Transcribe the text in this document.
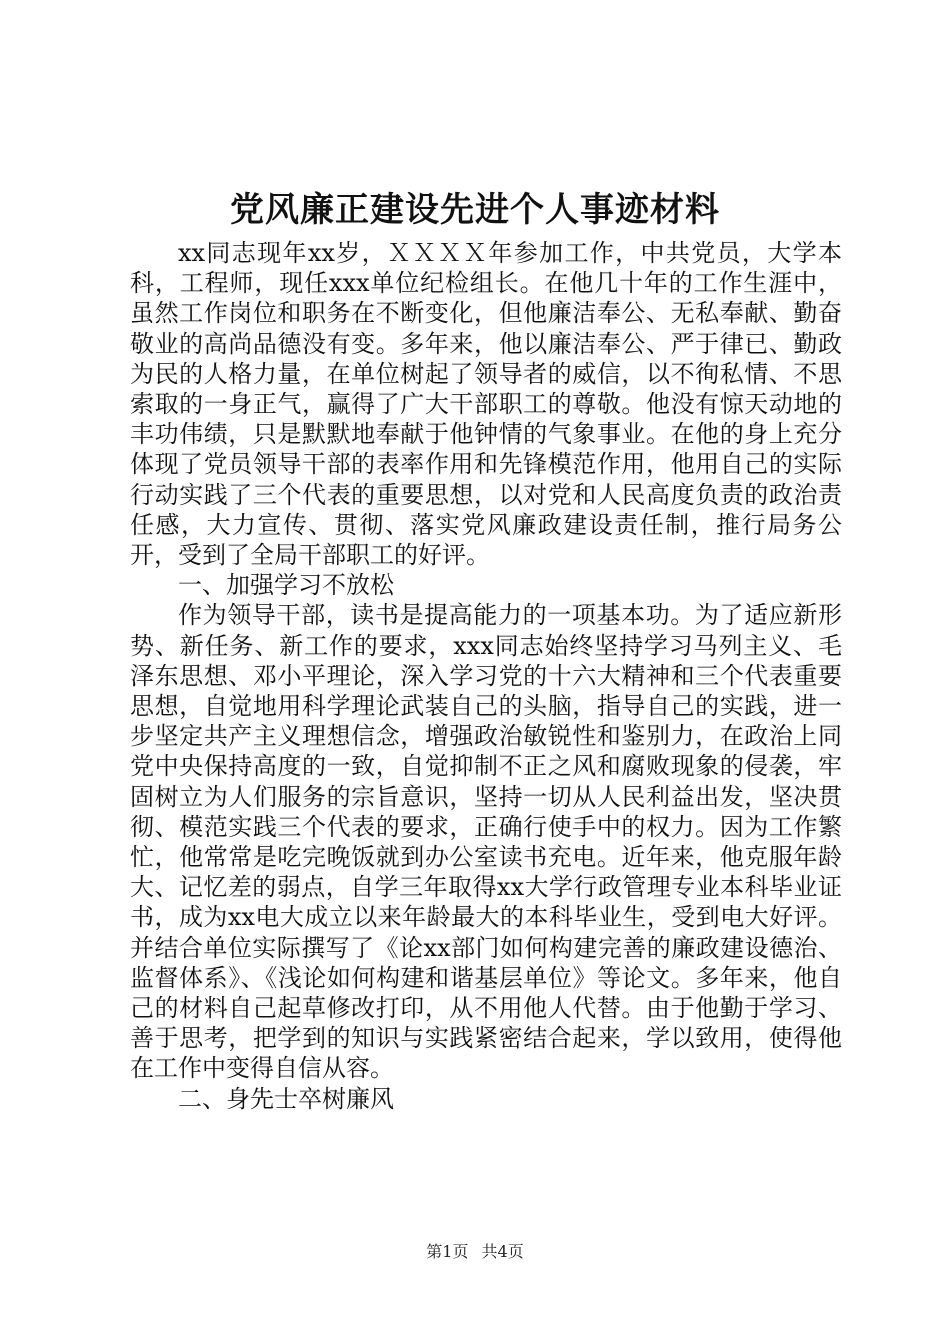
党风廉正建设先进个人事迹材料

xx同志现年xx岁，ＸＸＸＸ年参加工作，中共党员，大学本科，工程师，现任xxx单位纪检组长。在他几十年的工作生涯中，虽然工作岗位和职务在不断变化，但他廉洁奉公、无私奉献、勤奋敬业的高尚品德没有变。多年来，他以廉洁奉公、严于律已、勤政为民的人格力量，在单位树起了领导者的威信，以不徇私情、不思索取的一身正气，赢得了广大干部职工的尊敬。他没有惊天动地的丰功伟绩，只是默默地奉献于他钟情的气象事业。在他的身上充分体现了党员领导干部的表率作用和先锋模范作用，他用自己的实际行动实践了三个代表的重要思想，以对党和人民高度负责的政治责任感，大力宣传、贯彻、落实党风廉政建设责任制，推行局务公开，受到了全局干部职工的好评。

一、加强学习不放松

作为领导干部，读书是提高能力的一项基本功。为了适应新形势、新任务、新工作的要求，xxx同志始终坚持学习马列主义、毛泽东思想、邓小平理论，深入学习党的十六大精神和三个代表重要思想，自觉地用科学理论武装自己的头脑，指导自己的实践，进一步坚定共产主义理想信念，增强政治敏锐性和鉴别力，在政治上同党中央保持高度的一致，自觉抑制不正之风和腐败现象的侵袭，牢固树立为人们服务的宗旨意识，坚持一切从人民利益出发，坚决贯彻、模范实践三个代表的要求，正确行使手中的权力。因为工作繁忙，他常常是吃完晚饭就到办公室读书充电。近年来，他克服年龄大、记忆差的弱点，自学三年取得xx大学行政管理专业本科毕业证书，成为xx电大成立以来年龄最大的本科毕业生，受到电大好评。并结合单位实际撰写了《论xx部门如何构建完善的廉政建设德治、监督体系》、《浅论如何构建和谐基层单位》等论文。多年来，他自己的材料自己起草修改打印，从不用他人代替。由于他勤于学习、善于思考，把学到的知识与实践紧密结合起来，学以致用，使得他在工作中变得自信从容。

二、身先士卒树廉风

第1页 共4页
